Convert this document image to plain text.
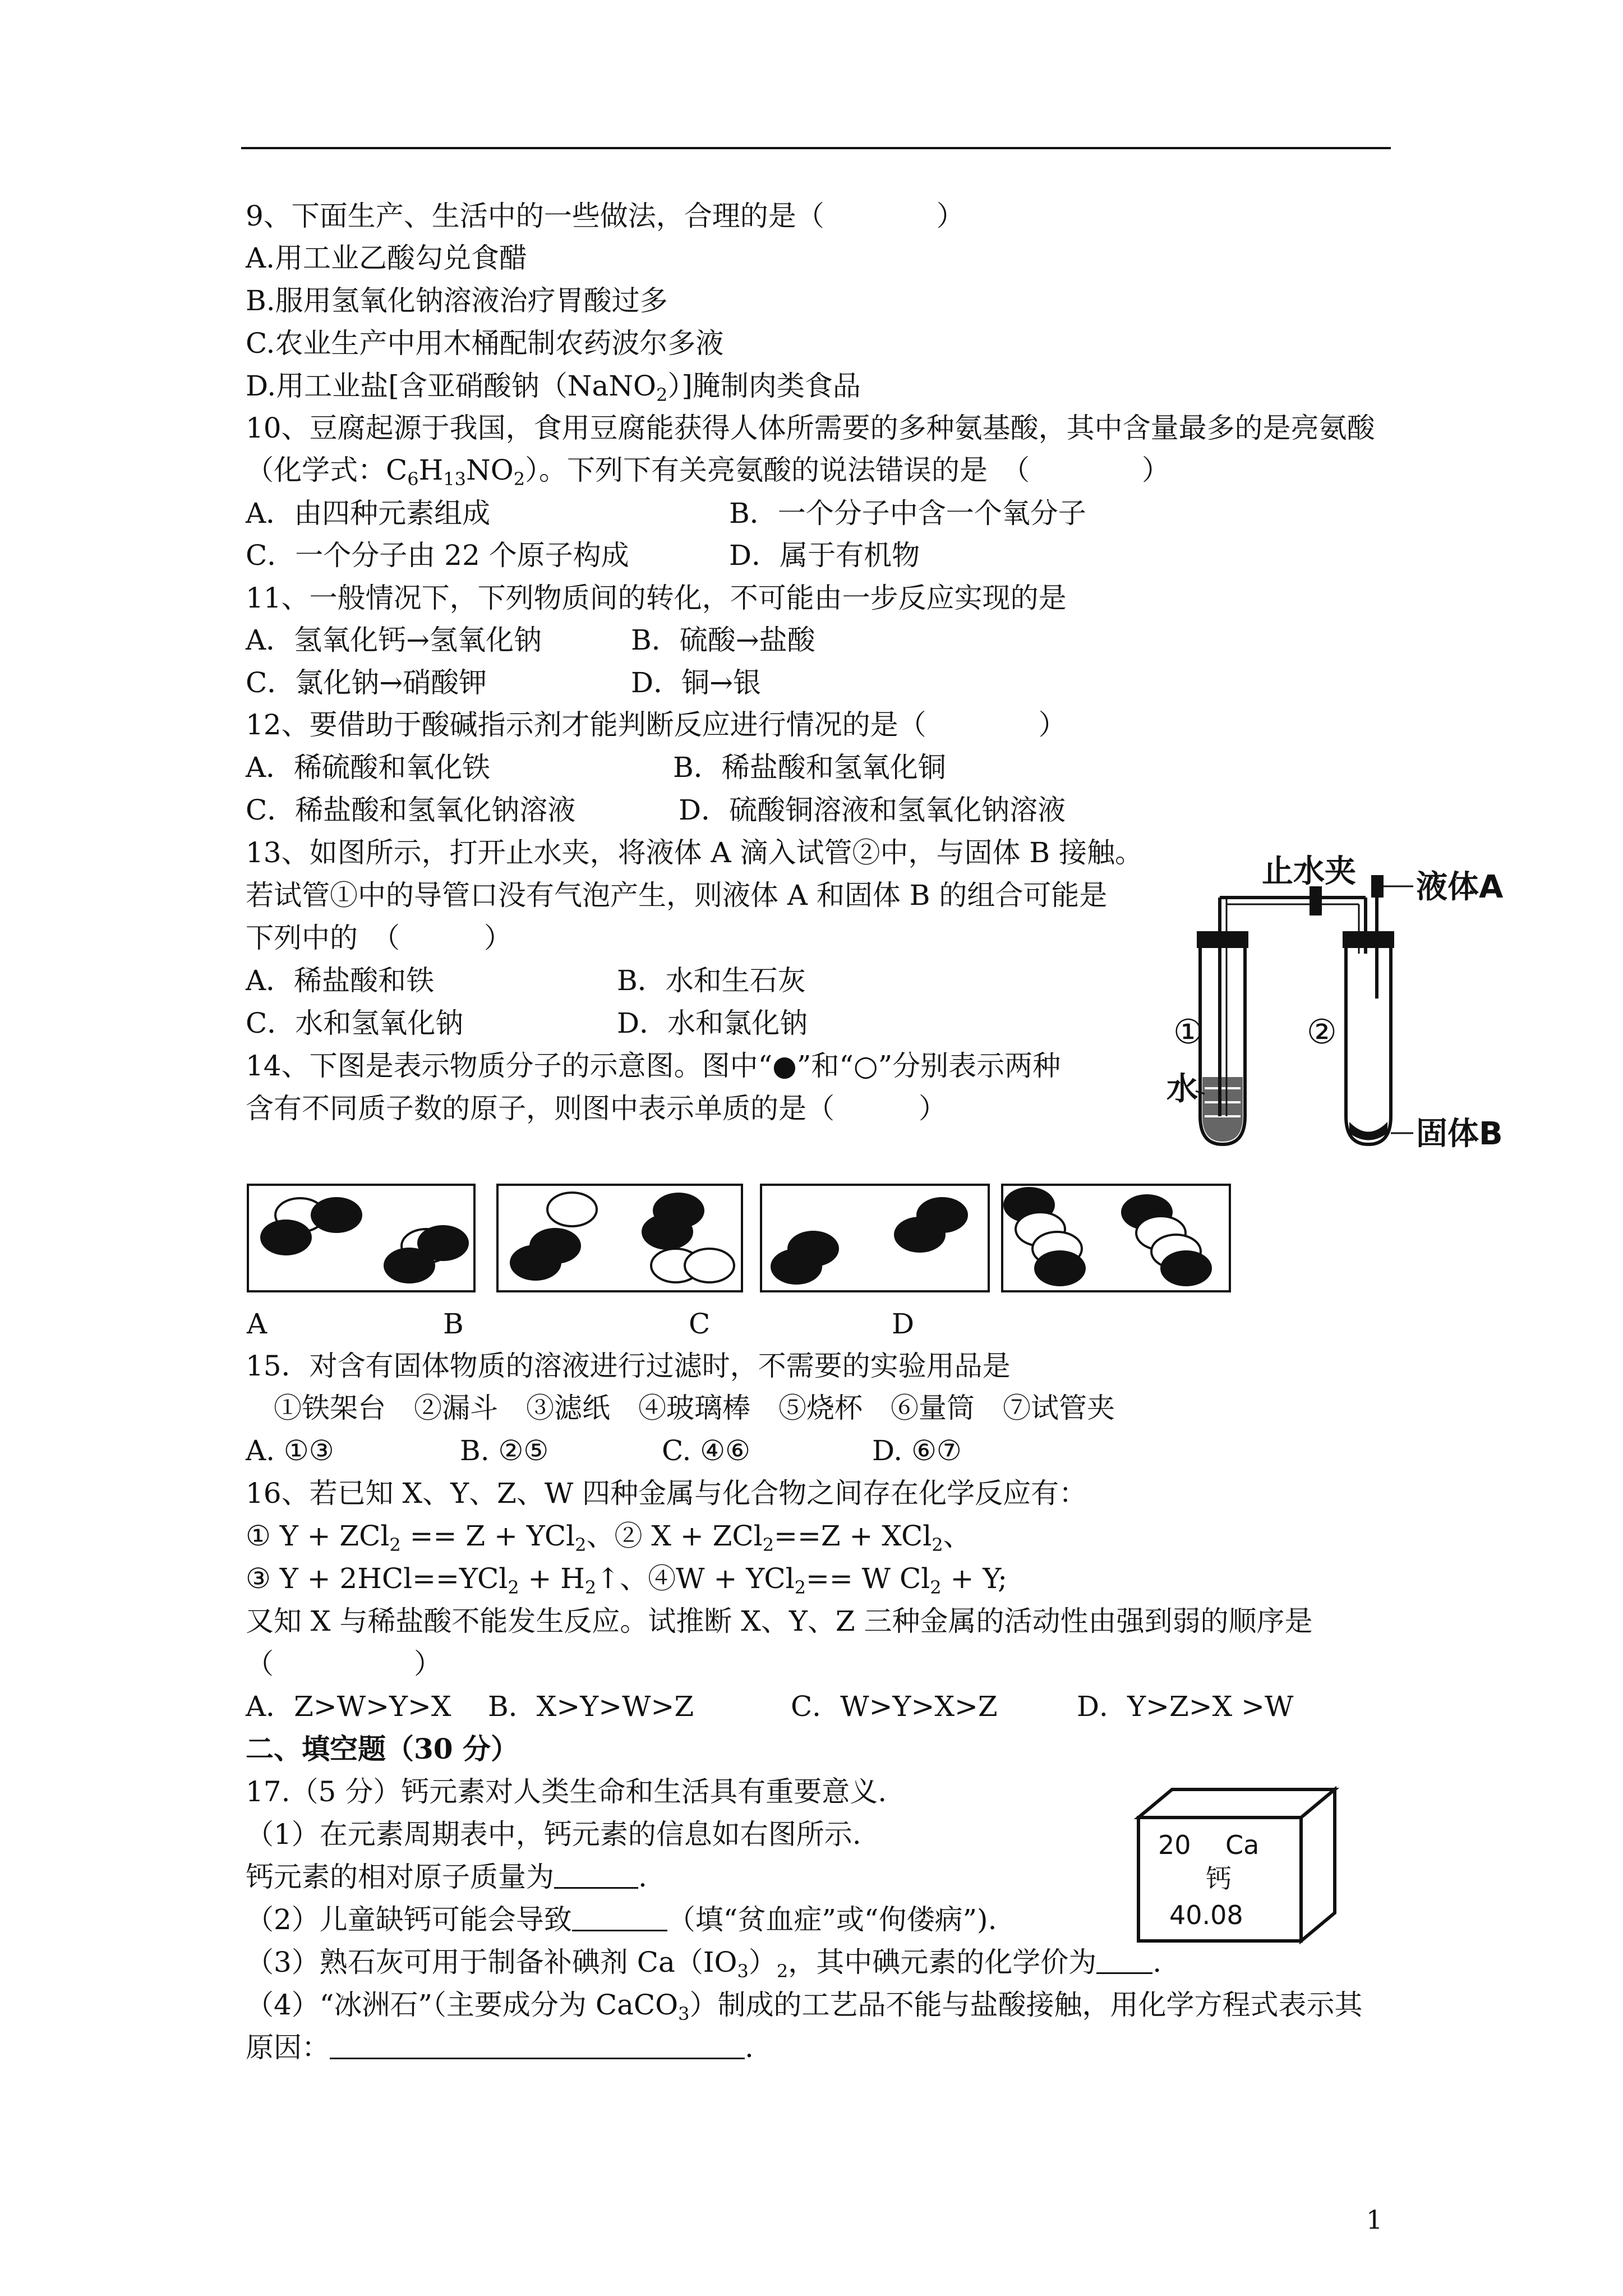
9、下面生产、生活中的一些做法，合理的是（　　　　）
A.用工业乙酸勾兑食醋
B.服用氢氧化钠溶液治疗胃酸过多
C.农业生产中用木桶配制农药波尔多液
D.用工业盐[含亚硝酸钠（NaNO$_2$）]腌制肉类食品
10、豆腐起源于我国，食用豆腐能获得人体所需要的多种氨基酸，其中含量最多的是亮氨酸
（化学式：$C_6H_{13}NO_2$）。下列下有关亮氨酸的说法错误的是　（　　　　）
A．由四种元素组成	B．一个分子中含一个氧分子
C．一个分子由 22 个原子构成	D．属于有机物
11、一般情况下，下列物质间的转化，不可能由一步反应实现的是
A．氢氧化钙→氢氧化钠	B．硫酸→盐酸
C．氯化钠→硝酸钾	D．铜→银
12、要借助于酸碱指示剂才能判断反应进行情况的是（　　　　）
A．稀硫酸和氧化铁	B．稀盐酸和氢氧化铜
C．稀盐酸和氢氧化钠溶液	D．硫酸铜溶液和氢氧化钠溶液
13、如图所示，打开止水夹，将液体 A 滴入试管②中，与固体 B 接触。
若试管①中的导管口没有气泡产生，则液体 A 和固体 B 的组合可能是
下列中的　（　　　）
A．稀盐酸和铁	B．水和生石灰
C．水和氢氧化钠	D．水和氯化钠
止水夹 液体A
固体B
①	②
水
14、下图是表示物质分子的示意图。图中“●”和“○”分别表示两种
含有不同质子数的原子，则图中表示单质的是（　　　）
A	B	C	D
15．对含有固体物质的溶液进行过滤时，不需要的实验用品是
　①铁架台　②漏斗　③滤纸　④玻璃棒　⑤烧杯　⑥量筒　⑦试管夹
A. ①③	B. ②⑤	C. ④⑥	D. ⑥⑦
16、若已知 X、Y、Z、W 四种金属与化合物之间存在化学反应有：
① Y + ZCl$_2$ == Z + YCl$_2$、② X + ZCl$_2$==Z + XCl$_2$、
③ $Y + 2HCl==YCl_2 + H_2↑$、④W + YCl$_2$== W $Cl_2 + Y$;
又知 X 与稀盐酸不能发生反应。试推断 X、Y、Z 三种金属的活动性由强到弱的顺序是
（　　　　　）
A．Z>W>Y>X B．X>Y>W>Z	C．W>Y>X>Z	D．Y>Z>X >W
二、填空题（30 分）
17.（5 分）钙元素对人类生命和生活具有重要意义.
（1）在元素周期表中，钙元素的信息如右图所示.
钙元素的相对原子质量为	.
（2）儿童缺钙可能会导致	（填“贫血症”或“佝偻病”).
（3）熟石灰可用于制备补碘剂 $Ca(IO_3)_2$，其中碘元素的化学价为 .
（4）“冰洲石”（主要成分为 CaCO$_3$）制成的工艺品不能与盐酸接触，用化学方程式表示其
原因：	.
20 Ca
钙
40.08
1
